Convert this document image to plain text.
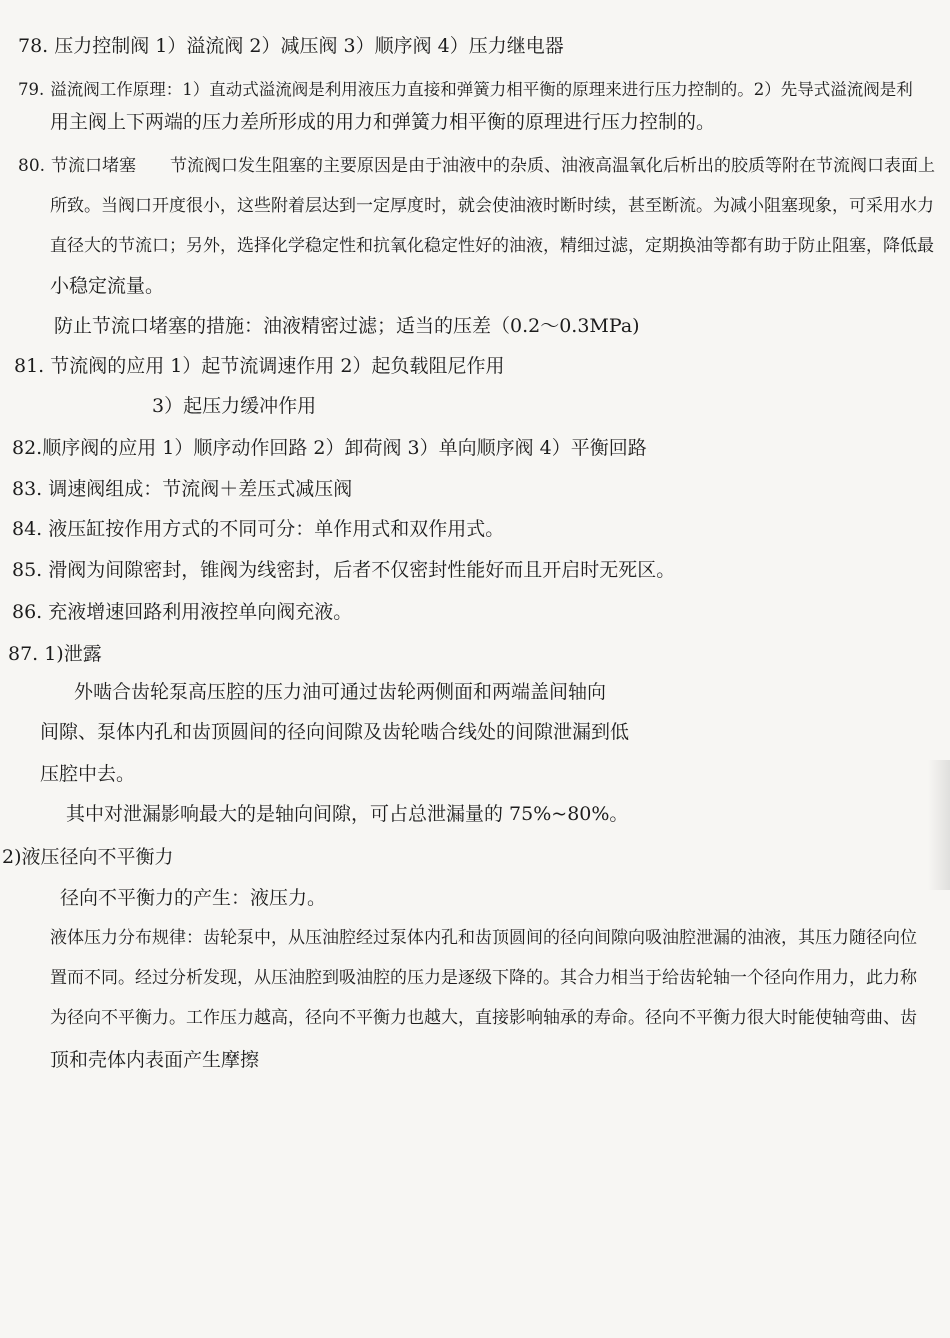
78. 压力控制阀 1）溢流阀 2）减压阀 3）顺序阀 4）压力继电器
79. 溢流阀工作原理：1）直动式溢流阀是利用液压力直接和弹簧力相平衡的原理来进行压力控制的。2）先导式溢流阀是利
用主阀上下两端的压力差所形成的用力和弹簧力相平衡的原理进行压力控制的。
80. 节流口堵塞　　节流阀口发生阻塞的主要原因是由于油液中的杂质、油液高温氧化后析出的胶质等附在节流阀口表面上
所致。当阀口开度很小，这些附着层达到一定厚度时，就会使油液时断时续，甚至断流。为减小阻塞现象，可采用水力
直径大的节流口；另外，选择化学稳定性和抗氧化稳定性好的油液，精细过滤，定期换油等都有助于防止阻塞，降低最
小稳定流量。
防止节流口堵塞的措施：油液精密过滤；适当的压差（0.2～0.3MPa)
81. 节流阀的应用 1）起节流调速作用 2）起负载阻尼作用
3）起压力缓冲作用
82.顺序阀的应用 1）顺序动作回路 2）卸荷阀 3）单向顺序阀 4）平衡回路
83. 调速阀组成：节流阀＋差压式减压阀
84. 液压缸按作用方式的不同可分：单作用式和双作用式。
85. 滑阀为间隙密封，锥阀为线密封，后者不仅密封性能好而且开启时无死区。
86. 充液增速回路利用液控单向阀充液。
87. 1)泄露
外啮合齿轮泵高压腔的压力油可通过齿轮两侧面和两端盖间轴向
间隙、泵体内孔和齿顶圆间的径向间隙及齿轮啮合线处的间隙泄漏到低
压腔中去。
其中对泄漏影响最大的是轴向间隙，可占总泄漏量的 75%~80%。
2)液压径向不平衡力
径向不平衡力的产生：液压力。
液体压力分布规律：齿轮泵中，从压油腔经过泵体内孔和齿顶圆间的径向间隙向吸油腔泄漏的油液，其压力随径向位
置而不同。经过分析发现，从压油腔到吸油腔的压力是逐级下降的。其合力相当于给齿轮轴一个径向作用力，此力称
为径向不平衡力。工作压力越高，径向不平衡力也越大，直接影响轴承的寿命。径向不平衡力很大时能使轴弯曲、齿
顶和壳体内表面产生摩擦
